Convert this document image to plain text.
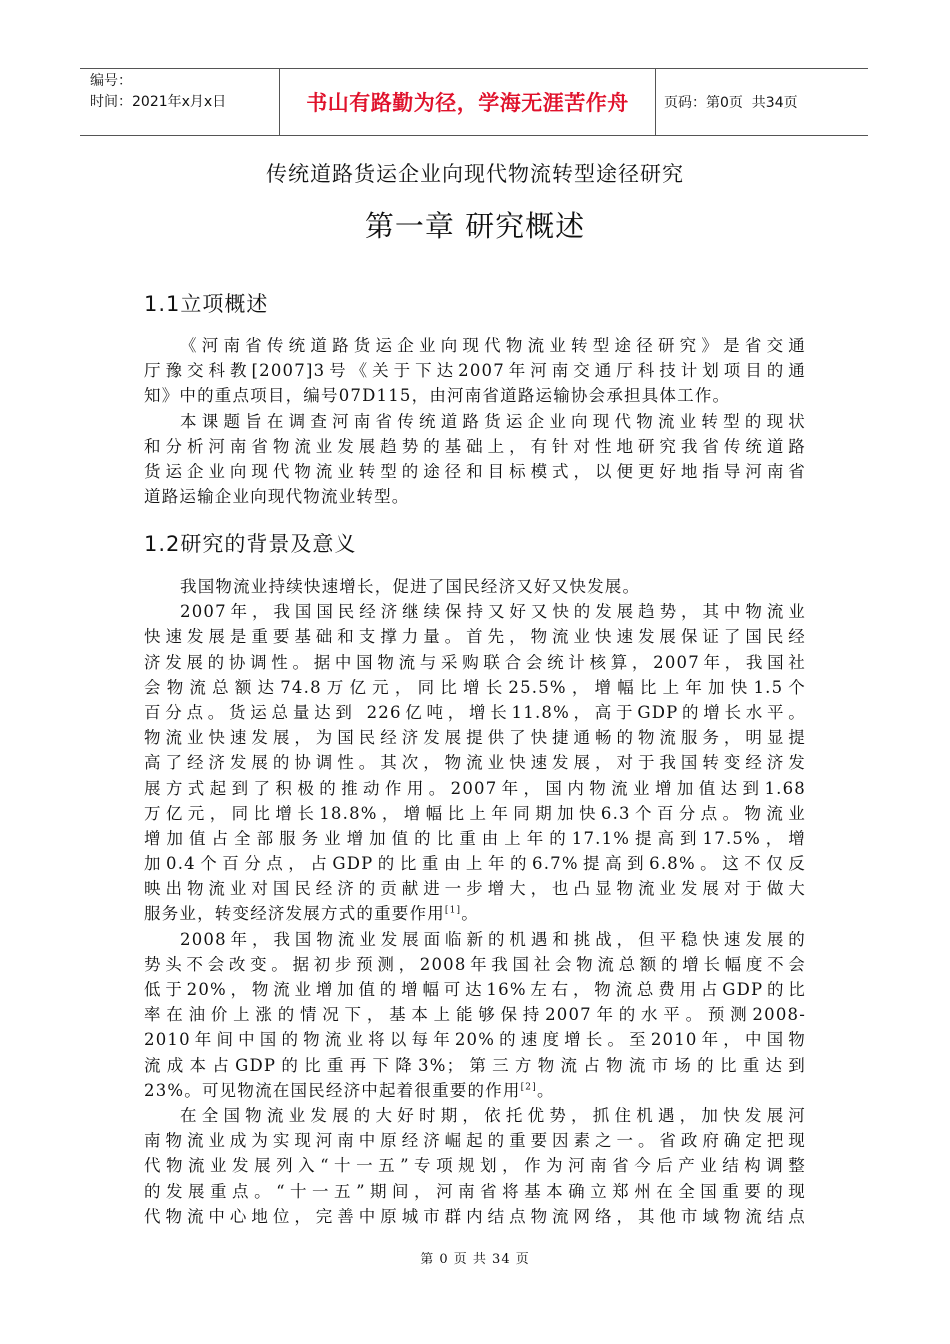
编号：
时间：2021年x月x日	书山有路勤为径，学海无涯苦作舟	页码：第0页  共34页
传统道路货运企业向现代物流转型途径研究
第一章 研究概述
1.1立项概述
《河南省传统道路货运企业向现代物流业转型途径研究》是省交通
厅豫交科教[2007]3号《关于下达2007年河南交通厅科技计划项目的通
知》中的重点项目，编号07D115，由河南省道路运输协会承担具体工作。
本课题旨在调查河南省传统道路货运企业向现代物流业转型的现状
和分析河南省物流业发展趋势的基础上，有针对性地研究我省传统道路
货运企业向现代物流业转型的途径和目标模式，以便更好地指导河南省
道路运输企业向现代物流业转型。
1.2研究的背景及意义
我国物流业持续快速增长，促进了国民经济又好又快发展。
2007年，我国国民经济继续保持又好又快的发展趋势，其中物流业
快速发展是重要基础和支撑力量。首先，物流业快速发展保证了国民经
济发展的协调性。据中国物流与采购联合会统计核算，2007年，我国社
会物流总额达74.8万亿元，同比增长25.5%，增幅比上年加快1.5个
百分点。货运总量达到 226亿吨，增长11.8%，高于GDP的增长水平。
物流业快速发展，为国民经济发展提供了快捷通畅的物流服务，明显提
高了经济发展的协调性。其次，物流业快速发展，对于我国转变经济发
展方式起到了积极的推动作用。2007年，国内物流业增加值达到1.68
万亿元，同比增长18.8%，增幅比上年同期加快6.3个百分点。物流业
增加值占全部服务业增加值的比重由上年的17.1%提高到17.5%，增
加0.4个百分点，占GDP的比重由上年的6.7%提高到6.8%。这不仅反
映出物流业对国民经济的贡献进一步增大，也凸显物流业发展对于做大
服务业，转变经济发展方式的重要作用[1]。
2008年，我国物流业发展面临新的机遇和挑战，但平稳快速发展的
势头不会改变。据初步预测，2008年我国社会物流总额的增长幅度不会
低于20%，物流业增加值的增幅可达16%左右，物流总费用占GDP的比
率在油价上涨的情况下，基本上能够保持2007年的水平。预测2008-
2010年间中国的物流业将以每年20%的速度增长。至2010年，中国物
流成本占GDP的比重再下降3%；第三方物流占物流市场的比重达到
23%。可见物流在国民经济中起着很重要的作用[2]。
在全国物流业发展的大好时期，依托优势，抓住机遇，加快发展河
南物流业成为实现河南中原经济崛起的重要因素之一。省政府确定把现
代物流业发展列入“十一五”专项规划，作为河南省今后产业结构调整
的发展重点。“十一五”期间，河南省将基本确立郑州在全国重要的现
代物流中心地位，完善中原城市群内结点物流网络，其他市域物流结点
第 0 页 共 34 页
